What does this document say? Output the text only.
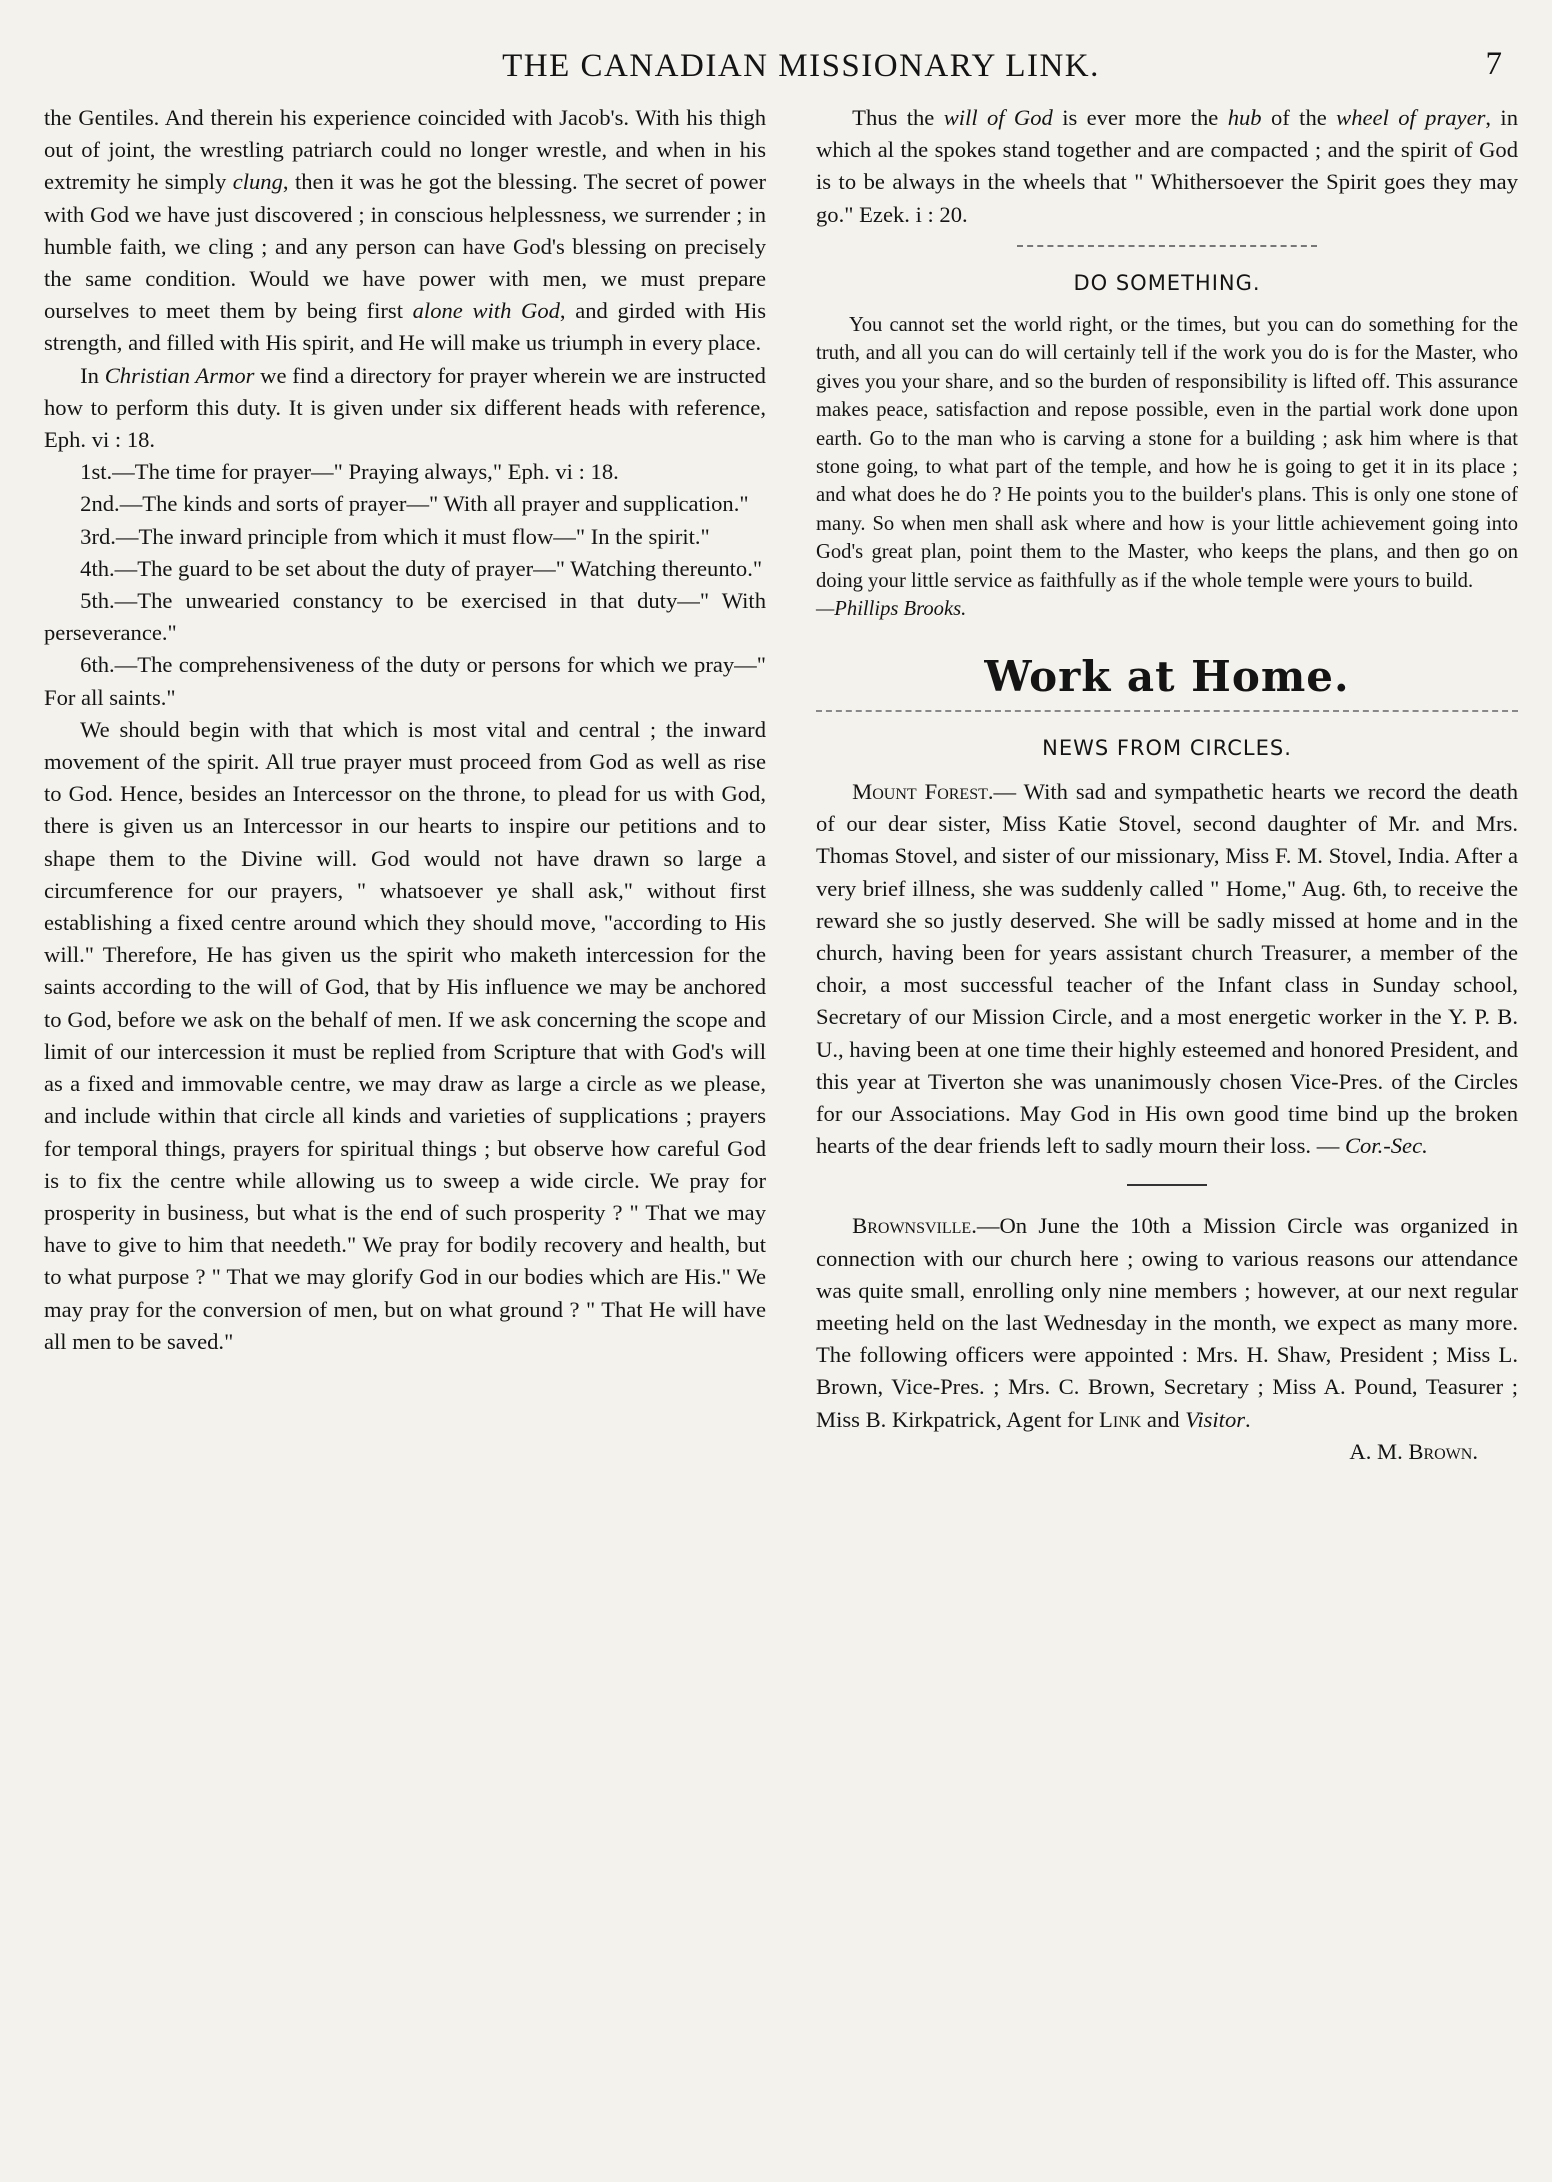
THE CANADIAN MISSIONARY LINK.	7

the Gentiles. And therein his experience coincided with Jacob's. With his thigh out of joint, the wrestling patriarch could no longer wrestle, and when in his extremity he simply clung, then it was he got the blessing. The secret of power with God we have just discovered ; in conscious helplessness, we surrender ; in humble faith, we cling ; and any person can have God's blessing on precisely the same condition. Would we have power with men, we must prepare ourselves to meet them by being first alone with God, and girded with His strength, and filled with His spirit, and He will make us triumph in every place.

In Christian Armor we find a directory for prayer wherein we are instructed how to perform this duty. It is given under six different heads with reference, Eph. vi : 18.

1st.—The time for prayer—" Praying always," Eph. vi : 18.

2nd.—The kinds and sorts of prayer—" With all prayer and supplication."

3rd.—The inward principle from which it must flow—" In the spirit."

4th.—The guard to be set about the duty of prayer—" Watching thereunto."

5th.—The unwearied constancy to be exercised in that duty—" With perseverance."

6th.—The comprehensiveness of the duty or persons for which we pray—" For all saints."

We should begin with that which is most vital and central ; the inward movement of the spirit. All true prayer must proceed from God as well as rise to God. Hence, besides an Intercessor on the throne, to plead for us with God, there is given us an Intercessor in our hearts to inspire our petitions and to shape them to the Divine will. God would not have drawn so large a circumference for our prayers, " whatsoever ye shall ask," without first establishing a fixed centre around which they should move, "according to His will." Therefore, He has given us the spirit who maketh intercession for the saints according to the will of God, that by His influence we may be anchored to God, before we ask on the behalf of men. If we ask concerning the scope and limit of our intercession it must be replied from Scripture that with God's will as a fixed and immovable centre, we may draw as large a circle as we please, and include within that circle all kinds and varieties of supplications ; prayers for temporal things, prayers for spiritual things ; but observe how careful God is to fix the centre while allowing us to sweep a wide circle. We pray for prosperity in business, but what is the end of such prosperity ? " That we may have to give to him that needeth." We pray for bodily recovery and health, but to what purpose ? " That we may glorify God in our bodies which are His." We may pray for the conversion of men, but on what ground ? " That He will have all men to be saved."

Thus the will of God is ever more the hub of the wheel of prayer, in which al the spokes stand together and are compacted ; and the spirit of God is to be always in the wheels that " Whithersoever the Spirit goes they may go." Ezek. i : 20.

DO SOMETHING.

You cannot set the world right, or the times, but you can do something for the truth, and all you can do will certainly tell if the work you do is for the Master, who gives you your share, and so the burden of responsibility is lifted off. This assurance makes peace, satisfaction and repose possible, even in the partial work done upon earth. Go to the man who is carving a stone for a building ; ask him where is that stone going, to what part of the temple, and how he is going to get it in its place ; and what does he do ? He points you to the builder's plans. This is only one stone of many. So when men shall ask where and how is your little achievement going into God's great plan, point them to the Master, who keeps the plans, and then go on doing your little service as faithfully as if the whole temple were yours to build.

—Phillips Brooks.

Work at Home.
NEWS FROM CIRCLES.

Mount Forest.— With sad and sympathetic hearts we record the death of our dear sister, Miss Katie Stovel, second daughter of Mr. and Mrs. Thomas Stovel, and sister of our missionary, Miss F. M. Stovel, India. After a very brief illness, she was suddenly called " Home," Aug. 6th, to receive the reward she so justly deserved. She will be sadly missed at home and in the church, having been for years assistant church Treasurer, a member of the choir, a most successful teacher of the Infant class in Sunday school, Secretary of our Mission Circle, and a most energetic worker in the Y. P. B. U., having been at one time their highly esteemed and honored President, and this year at Tiverton she was unanimously chosen Vice-Pres. of the Circles for our Associations. May God in His own good time bind up the broken hearts of the dear friends left to sadly mourn their loss. — Cor.-Sec.

Brownsville.—On June the 10th a Mission Circle was organized in connection with our church here ; owing to various reasons our attendance was quite small, enrolling only nine members ; however, at our next regular meeting held on the last Wednesday in the month, we expect as many more. The following officers were appointed : Mrs. H. Shaw, President ; Miss L. Brown, Vice-Pres. ; Mrs. C. Brown, Secretary ; Miss A. Pound, Teasurer ; Miss B. Kirkpatrick, Agent for Link and Visitor.

A. M. Brown.
